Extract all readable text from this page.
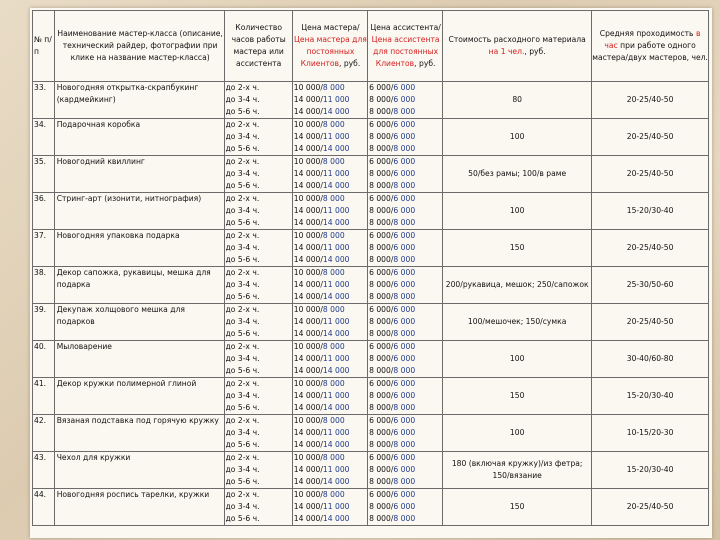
№ п/п	Наименование мастер-класса (описание, технический райдер, фотографии при клике на название мастер-класса)	Количество часов работы мастера или ассистента	Цена мастера/Цена мастера для постоянных Клиентов, руб.	Цена ассистента/Цена ассистента для постоянных Клиентов, руб.	Стоимость расходного материала на 1 чел., руб.	Средняя проходимость в час при работе одного мастера/двух мастеров, чел.
33.	Новогодняя открытка-скрапбукинг (кардмейкинг)	до 2-х ч.
до 3-4 ч.
до 5-6 ч.	10 000/8 000
14 000/11 000
14 000/14 000	6 000/6 000
8 000/6 000
8 000/8 000	80	20-25/40-50
34.	Подарочная коробка	до 2-х ч.
до 3-4 ч.
до 5-6 ч.	10 000/8 000
14 000/11 000
14 000/14 000	6 000/6 000
8 000/6 000
8 000/8 000	100	20-25/40-50
35.	Новогодний квиллинг	до 2-х ч.
до 3-4 ч.
до 5-6 ч.	10 000/8 000
14 000/11 000
14 000/14 000	6 000/6 000
8 000/6 000
8 000/8 000	50/без рамы; 100/в раме	20-25/40-50
36.	Стринг-арт (изонити, нитнография)	до 2-х ч.
до 3-4 ч.
до 5-6 ч.	10 000/8 000
14 000/11 000
14 000/14 000	6 000/6 000
8 000/6 000
8 000/8 000	100	15-20/30-40
37.	Новогодняя упаковка подарка	до 2-х ч.
до 3-4 ч.
до 5-6 ч.	10 000/8 000
14 000/11 000
14 000/14 000	6 000/6 000
8 000/6 000
8 000/8 000	150	20-25/40-50
38.	Декор сапожка, рукавицы, мешка для подарка	до 2-х ч.
до 3-4 ч.
до 5-6 ч.	10 000/8 000
14 000/11 000
14 000/14 000	6 000/6 000
8 000/6 000
8 000/8 000	200/рукавица, мешок; 250/сапожок	25-30/50-60
39.	Декупаж холщового мешка для подарков	до 2-х ч.
до 3-4 ч.
до 5-6 ч.	10 000/8 000
14 000/11 000
14 000/14 000	6 000/6 000
8 000/6 000
8 000/8 000	100/мешочек; 150/сумка	20-25/40-50
40.	Мыловарение	до 2-х ч.
до 3-4 ч.
до 5-6 ч.	10 000/8 000
14 000/11 000
14 000/14 000	6 000/6 000
8 000/6 000
8 000/8 000	100	30-40/60-80
41.	Декор кружки полимерной глиной	до 2-х ч.
до 3-4 ч.
до 5-6 ч.	10 000/8 000
14 000/11 000
14 000/14 000	6 000/6 000
8 000/6 000
8 000/8 000	150	15-20/30-40
42.	Вязаная подставка под горячую кружку	до 2-х ч.
до 3-4 ч.
до 5-6 ч.	10 000/8 000
14 000/11 000
14 000/14 000	6 000/6 000
8 000/6 000
8 000/8 000	100	10-15/20-30
43.	Чехол для кружки	до 2-х ч.
до 3-4 ч.
до 5-6 ч.	10 000/8 000
14 000/11 000
14 000/14 000	6 000/6 000
8 000/6 000
8 000/8 000	180 (включая кружку)/из фетра; 150/вязание	15-20/30-40
44.	Новогодняя роспись тарелки, кружки	до 2-х ч.
до 3-4 ч.
до 5-6 ч.	10 000/8 000
14 000/11 000
14 000/14 000	6 000/6 000
8 000/6 000
8 000/8 000	150	20-25/40-50
